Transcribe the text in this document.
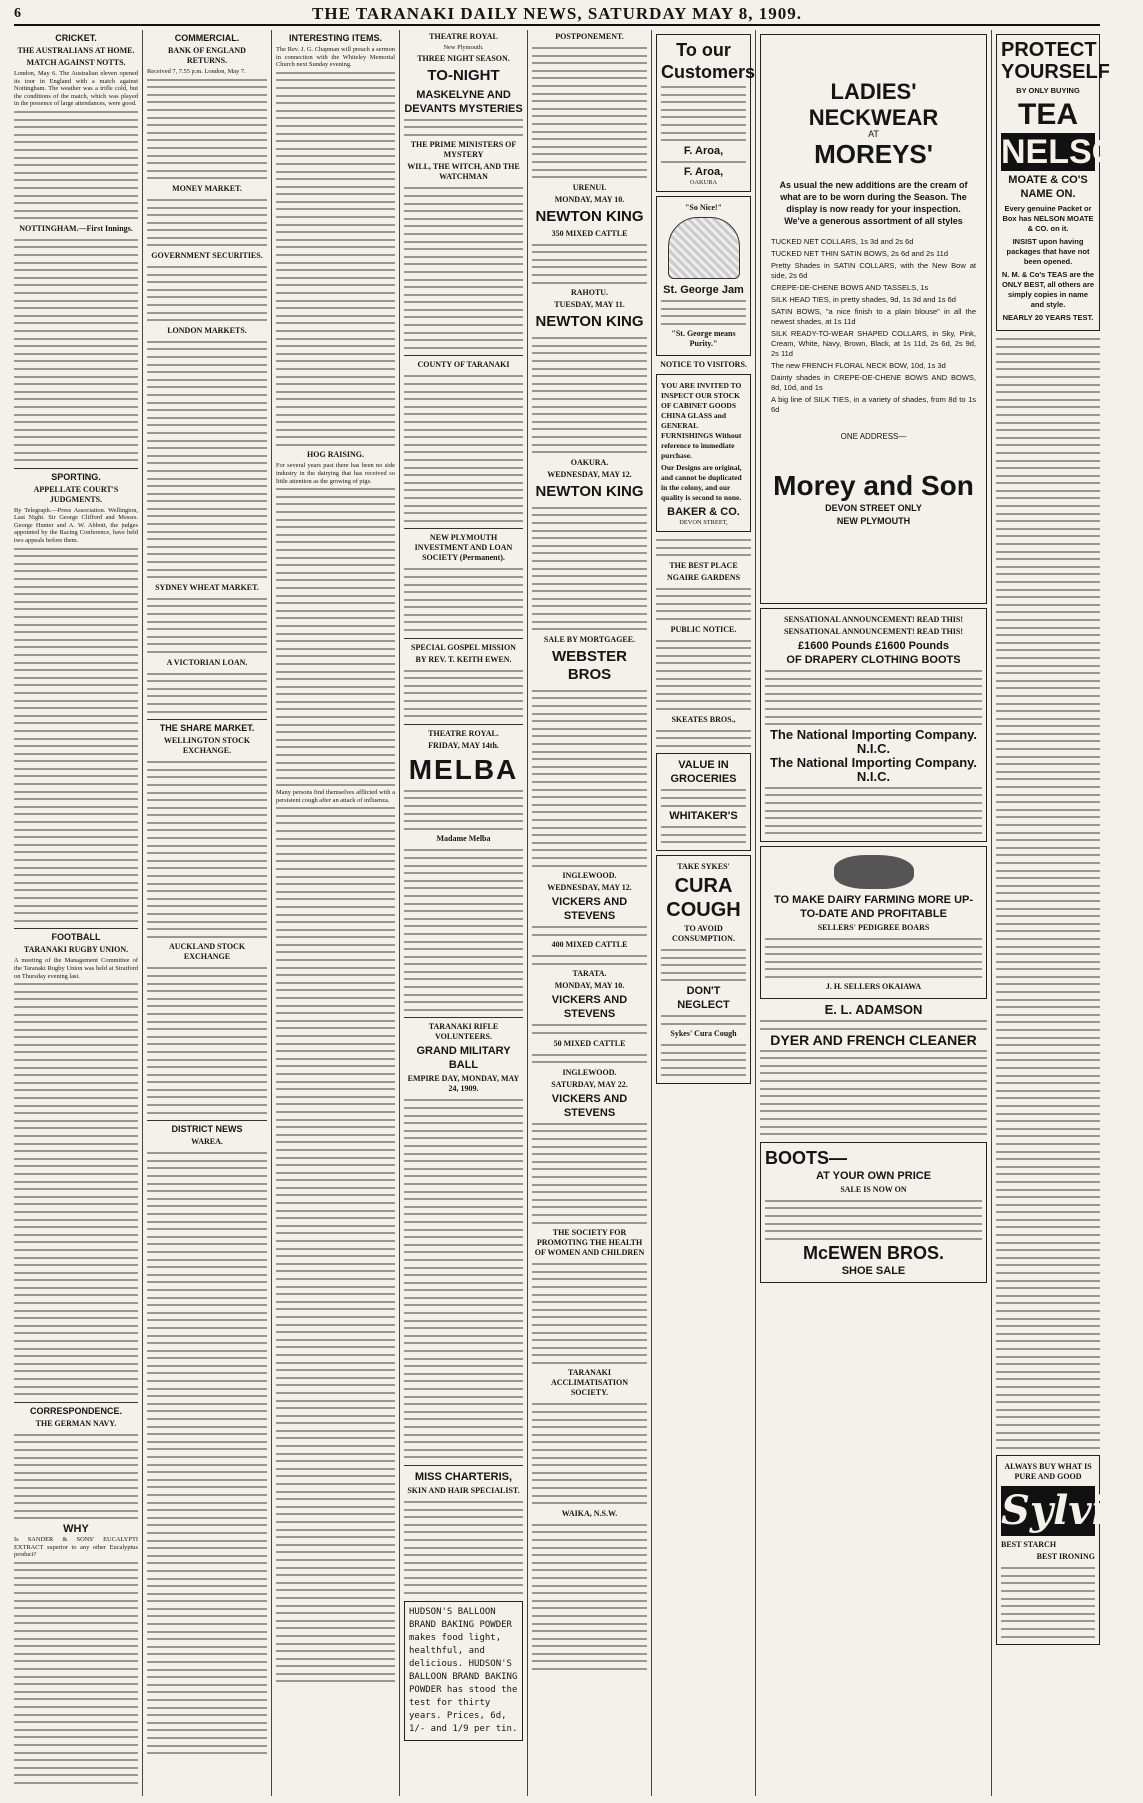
6	THE TARANAKI DAILY NEWS, SATURDAY MAY 8, 1909.
CRICKET.
THE AUSTRALIANS AT HOME.
MATCH AGAINST NOTTS.
London, May 6. The Australian eleven opened its tour in England with a match against Nottingham. The weather was a trifle cold, but the conditions of the match, which was played in the presence of large attendances, were good.
NOTTINGHAM.—First Innings.
SPORTING.
APPELLATE COURT'S JUDGMENTS.
By Telegraph.—Press Association. Wellington, Last Night. Sir George Clifford and Messrs. George Hunter and A. W. Abbott, the judges appointed by the Racing Conference, have held two appeals before them.
FOOTBALL
TARANAKI RUGBY UNION.
A meeting of the Management Committee of the Taranaki Rugby Union was held at Stratford on Thursday evening last.
CORRESPONDENCE.
THE GERMAN NAVY.
WHY
Is SANDER & SONS' EUCALYPTI EXTRACT superior to any other Eucalyptus product?
COMMERCIAL.
BANK OF ENGLAND RETURNS.
Received 7, 7.55 p.m. London, May 7.
MONEY MARKET.
GOVERNMENT SECURITIES.
LONDON MARKETS.
SYDNEY WHEAT MARKET.
A VICTORIAN LOAN.
THE SHARE MARKET.
WELLINGTON STOCK EXCHANGE.
AUCKLAND STOCK EXCHANGE
DISTRICT NEWS
WAREA.
INTERESTING ITEMS.
The Rev. J. G. Chapman will preach a sermon in connection with the Whiteley Memorial Church next Sunday evening.
HOG RAISING.
For several years past there has been no side industry in the dairying that has received so little attention as the growing of pigs.
Many persons find themselves afflicted with a persistent cough after an attack of influenza.
THEATRE ROYAL
New Plymouth.
THREE NIGHT SEASON.
TO-NIGHT
MASKELYNE AND DEVANTS MYSTERIES
THE PRIME MINISTERS OF MYSTERY
WILL, THE WITCH, AND THE WATCHMAN
COUNTY OF TARANAKI
NEW PLYMOUTH INVESTMENT AND LOAN SOCIETY (Permanent).
SPECIAL GOSPEL MISSION
BY REV. T. KEITH EWEN.
THEATRE ROYAL.
FRIDAY, MAY 14th.
MELBA
Madame Melba
TARANAKI RIFLE VOLUNTEERS.
GRAND MILITARY BALL
EMPIRE DAY, MONDAY, MAY 24, 1909.
MISS CHARTERIS,
SKIN AND HAIR SPECIALIST.
HUDSON'S BALLOON BRAND BAKING POWDER makes food light, healthful, and delicious. HUDSON'S BALLOON BRAND BAKING POWDER has stood the test for thirty years. Prices, 6d, 1/- and 1/9 per tin.
POSTPONEMENT.
URENUI.
MONDAY, MAY 10.
NEWTON KING
350 MIXED CATTLE
RAHOTU.
TUESDAY, MAY 11.
NEWTON KING
OAKURA.
WEDNESDAY, MAY 12.
NEWTON KING
SALE BY MORTGAGEE.
WEBSTER BROS
INGLEWOOD.
WEDNESDAY, MAY 12.
VICKERS AND STEVENS
400 MIXED CATTLE
TARATA.
MONDAY, MAY 10.
VICKERS AND STEVENS
50 MIXED CATTLE
INGLEWOOD.
SATURDAY, MAY 22.
VICKERS AND STEVENS
THE SOCIETY FOR PROMOTING THE HEALTH OF WOMEN AND CHILDREN
TARANAKI ACCLIMATISATION SOCIETY.
WAIKA, N.S.W.
To our Customers
F. Aroa,
F. Aroa,
OAKURA
"So Nice!"
St. George Jam
"St. George means Purity."
NOTICE TO VISITORS.
YOU ARE INVITED TO INSPECT OUR STOCK OF CABINET GOODS CHINA GLASS and GENERAL FURNISHINGS Without reference to immediate purchase.
Our Designs are original, and cannot be duplicated in the colony, and our quality is second to none.
BAKER & CO.
DEVON STREET,
THE BEST PLACE
NGAIRE GARDENS
PUBLIC NOTICE.
SKEATES BROS.,
VALUE IN GROCERIES
WHITAKER'S
TAKE SYKES'
CURA COUGH
TO AVOID CONSUMPTION.
DON'T NEGLECT
Sykes' Cura Cough
LADIES' NECKWEAR
AT
MOREYS'
As usual the new additions are the cream of what are to be worn during the Season. The display is now ready for your inspection. We've a generous assortment of all styles
TUCKED NET COLLARS, 1s 3d and 2s 6d
TUCKED NET THIN SATIN BOWS, 2s 6d and 2s 11d
Pretty Shades in SATIN COLLARS, with the New Bow at side, 2s 6d
CREPE-DE-CHENE BOWS AND TASSELS, 1s
SILK HEAD TIES, in pretty shades, 9d, 1s 3d and 1s 6d
SATIN BOWS, "a nice finish to a plain blouse" in all the newest shades, at 1s 11d
SILK READY-TO-WEAR SHAPED COLLARS, in Sky, Pink, Cream, White, Navy, Brown, Black, at 1s 11d, 2s 6d, 2s 9d, 2s 11d
The new FRENCH FLORAL NECK BOW, 10d, 1s 3d
Dainty shades in CREPE-DE-CHENE BOWS AND BOWS, 8d, 10d, and 1s
A big line of SILK TIES, in a variety of shades, from 8d to 1s 6d
ONE ADDRESS—
Morey and Son
DEVON STREET ONLY
NEW PLYMOUTH
SENSATIONAL ANNOUNCEMENT! READ THIS!
SENSATIONAL ANNOUNCEMENT! READ THIS!
£1600 Pounds £1600 Pounds
OF DRAPERY CLOTHING BOOTS
The National Importing Company. N.I.C.
The National Importing Company. N.I.C.
TO MAKE DAIRY FARMING MORE UP-TO-DATE AND PROFITABLE
SELLERS' PEDIGREE BOARS
J. H. SELLERS OKAIAWA
E. L. ADAMSON
DYER AND FRENCH CLEANER
BOOTS—
AT YOUR OWN PRICE
SALE IS NOW ON
McEWEN BROS.
SHOE SALE
PROTECT YOURSELF
BY ONLY BUYING
TEA
NELSON
MOATE & CO'S
NAME ON.
Every genuine Packet or Box has NELSON MOATE & CO. on it.
INSIST upon having packages that have not been opened.
N. M. & Co's TEAS are the ONLY BEST, all others are simply copies in name and style.
NEARLY 20 YEARS TEST.
ALWAYS BUY WHAT IS PURE AND GOOD
Sylvia
BEST STARCH
BEST IRONING
